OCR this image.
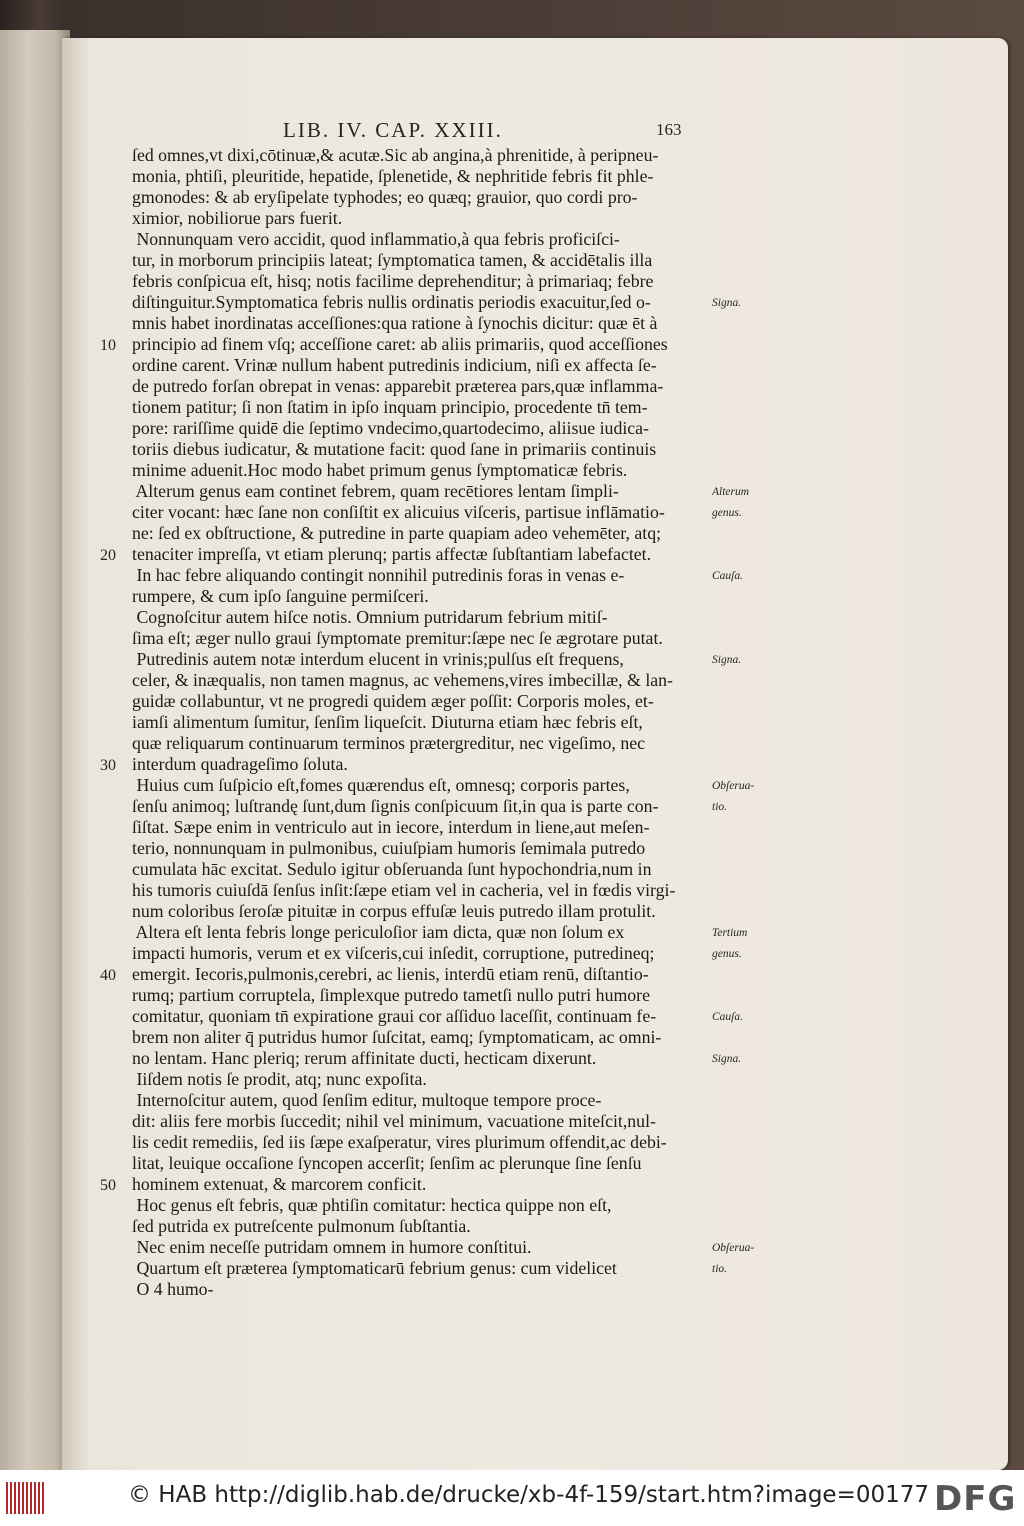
LIB. IV. CAP. XXIII.	163
ſed omnes,vt dixi,cōtinuæ,& acutæ.Sic ab angina,à phrenitide, à peripneu-
monia, phtiſi, pleuritide, hepatide, ſplenetide, & nephritide febris fit phle-
gmonodes: & ab eryſipelate typhodes; eo quæq; grauior, quo cordi pro-
ximior, nobiliorue pars fuerit.
Nonnunquam vero accidit, quod inflammatio,à qua febris proficiſci-
tur, in morborum principiis lateat; ſymptomatica tamen, & accidētalis illa
febris conſpicua eſt, hisq; notis facilime deprehenditur; à primariaq; febre
diſtinguitur.Symptomatica febris nullis ordinatis periodis exacuitur,ſed o-
mnis habet inordinatas acceſſiones:qua ratione à ſynochis dicitur: quæ ēt à
10 principio ad finem vſq; acceſſione caret: ab aliis primariis, quod acceſſiones
ordine carent. Vrinæ nullum habent putredinis indicium, niſi ex affecta ſe-
de putredo forſan obrepat in venas: apparebit præterea pars,quæ inflamma-
tionem patitur; ſi non ſtatim in ipſo inquam principio, procedente tn̄ tem-
pore: rariſſime quidē die ſeptimo vndecimo,quartodecimo, aliisue iudica-
toriis diebus iudicatur, & mutatione facit: quod ſane in primariis continuis
minime aduenit.Hoc modo habet primum genus ſymptomaticæ febris.
Alterum genus eam continet febrem, quam recētiores lentam ſimpli-
citer vocant: hæc ſane non conſiſtit ex alicuius viſceris, partisue inflāmatio-
ne: ſed ex obſtructione, & putredine in parte quapiam adeo vehemēter, atq;
20 tenaciter impreſſa, vt etiam plerunq; partis affectæ ſubſtantiam labefactet.
In hac febre aliquando contingit nonnihil putredinis foras in venas e-
rumpere, & cum ipſo ſanguine permiſceri.
Cognoſcitur autem hiſce notis. Omnium putridarum febrium mitiſ-
ſima eſt; æger nullo graui ſymptomate premitur:ſæpe nec ſe ægrotare putat.
Putredinis autem notæ interdum elucent in vrinis;pulſus eſt frequens,
celer, & inæqualis, non tamen magnus, ac vehemens,vires imbecillæ, & lan-
guidæ collabuntur, vt ne progredi quidem æger poſſit: Corporis moles, et-
iamſi alimentum ſumitur, ſenſim liqueſcit. Diuturna etiam hæc febris eſt,
quæ reliquarum continuarum terminos prætergreditur, nec vigeſimo, nec
30 interdum quadrageſimo ſoluta.
Huius cum ſuſpicio eſt,fomes quærendus eſt, omnesq; corporis partes,
ſenſu animoq; luſtrandę ſunt,dum ſignis conſpicuum ſit,in qua is parte con-
ſiſtat. Sæpe enim in ventriculo aut in iecore, interdum in liene,aut meſen-
terio, nonnunquam in pulmonibus, cuiuſpiam humoris ſemimala putredo
cumulata hāc excitat. Sedulo igitur obſeruanda ſunt hypochondria,num in
his tumoris cuiuſdā ſenſus inſit:ſæpe etiam vel in cacheria, vel in fœdis virgi-
num coloribus ſeroſæ pituitæ in corpus effuſæ leuis putredo illam protulit.
Altera eſt lenta febris longe periculoſior iam dicta, quæ non ſolum ex
impacti humoris, verum et ex viſceris,cui inſedit, corruptione, putredineq;
40 emergit. Iecoris,pulmonis,cerebri, ac lienis, interdū etiam renū, diſtantio-
rumq; partium corruptela, ſimplexque putredo tametſi nullo putri humore
comitatur, quoniam tn̄ expiratione graui cor aſſiduo laceſſit, continuam fe-
brem non aliter q̄ putridus humor ſuſcitat, eamq; ſymptomaticam, ac omni-
no lentam. Hanc pleriq; rerum affinitate ducti, hecticam dixerunt.
Iiſdem notis ſe prodit, atq; nunc expoſita.
Internoſcitur autem, quod ſenſim editur, multoque tempore proce-
dit: aliis fere morbis ſuccedit; nihil vel minimum, vacuatione miteſcit,nul-
lis cedit remediis, ſed iis ſæpe exaſperatur, vires plurimum offendit,ac debi-
litat, leuique occaſione ſyncopen accerſit; ſenſim ac plerunque ſine ſenſu
50 hominem extenuat, & marcorem conficit.
Hoc genus eſt febris, quæ phtiſin comitatur: hectica quippe non eſt,
ſed putrida ex putreſcente pulmonum ſubſtantia.
Nec enim neceſſe putridam omnem in humore conſtitui.
Quartum eſt præterea ſymptomaticarū febrium genus: cum videlicet
O 4 humo-
Signa.
Alterum
genus.
Cauſa.
Signa.
Obſerua-
tio.
Tertium
genus.
Cauſa.
Signa.
Obſerua-
tio.
© HAB http://diglib.hab.de/drucke/xb-4f-159/start.htm?image=00177 DFG
